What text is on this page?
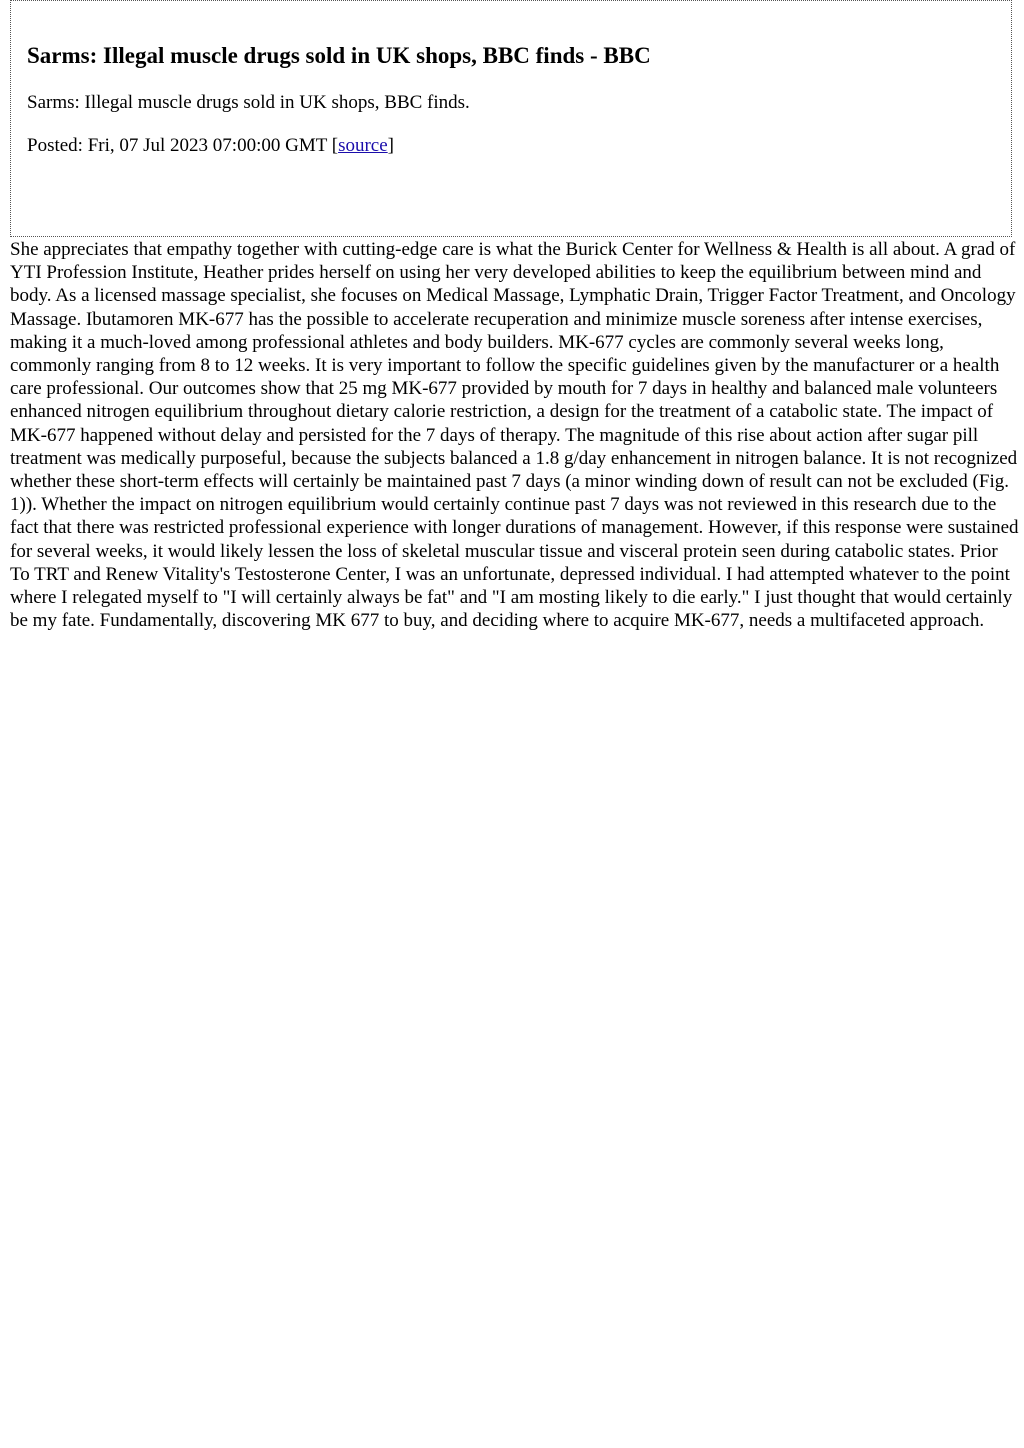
Sarms: Illegal muscle drugs sold in UK shops, BBC finds - BBC

Sarms: Illegal muscle drugs sold in UK shops, BBC finds.

Posted: Fri, 07 Jul 2023 07:00:00 GMT [source]

She appreciates that empathy together with cutting-edge care is what the Burick Center for Wellness & Health is all about. A grad of YTI Profession Institute, Heather prides herself on using her very developed abilities to keep the equilibrium between mind and body. As a licensed massage specialist, she focuses on Medical Massage, Lymphatic Drain, Trigger Factor Treatment, and Oncology Massage. Ibutamoren MK-677 has the possible to accelerate recuperation and minimize muscle soreness after intense exercises, making it a much-loved among professional athletes and body builders. MK-677 cycles are commonly several weeks long, commonly ranging from 8 to 12 weeks. It is very important to follow the specific guidelines given by the manufacturer or a health care professional. Our outcomes show that 25 mg MK-677 provided by mouth for 7 days in healthy and balanced male volunteers enhanced nitrogen equilibrium throughout dietary calorie restriction, a design for the treatment of a catabolic state. The impact of MK-677 happened without delay and persisted for the 7 days of therapy. The magnitude of this rise about action after sugar pill treatment was medically purposeful, because the subjects balanced a 1.8 g/day enhancement in nitrogen balance. It is not recognized whether these short-term effects will certainly be maintained past 7 days (a minor winding down of result can not be excluded (Fig. 1)). Whether the impact on nitrogen equilibrium would certainly continue past 7 days was not reviewed in this research due to the fact that there was restricted professional experience with longer durations of management. However, if this response were sustained for several weeks, it would likely lessen the loss of skeletal muscular tissue and visceral protein seen during catabolic states. Prior To TRT and Renew Vitality's Testosterone Center, I was an unfortunate, depressed individual. I had attempted whatever to the point where I relegated myself to "I will certainly always be fat" and "I am mosting likely to die early." I just thought that would certainly be my fate. Fundamentally, discovering MK 677 to buy, and deciding where to acquire MK-677, needs a multifaceted approach.
